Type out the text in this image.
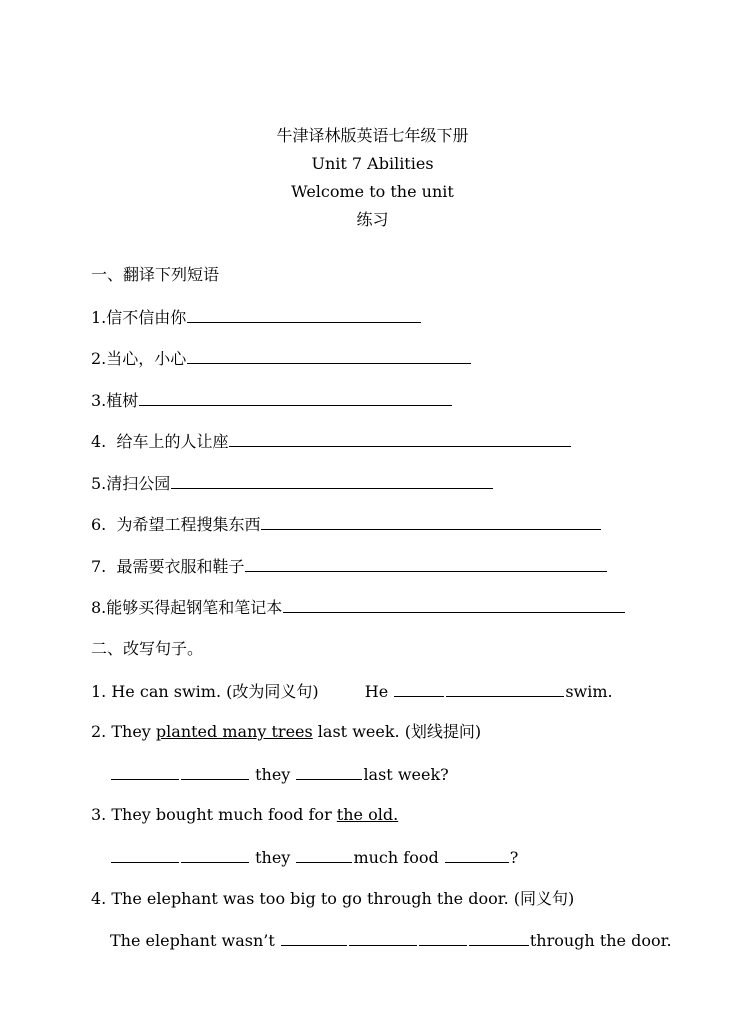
牛津译林版英语七年级下册
Unit 7 Abilities
Welcome to the unit
练习
一、翻译下列短语
1.信不信由你
2.当心，小心
3.植树
4.  给车上的人让座
5.清扫公园
6.  为希望工程搜集东西
7.  最需要衣服和鞋子
8.能够买得起钢笔和笔记本
二、改写句子。
1. He can swim. (改为同义句)	He	swim.
2. They planted many trees last week. (划线提问)
they	last week?
3. They bought much food for the old.
they	much food	?
4. The elephant was too big to go through the door. (同义句)
The elephant wasn’t	through the door.
